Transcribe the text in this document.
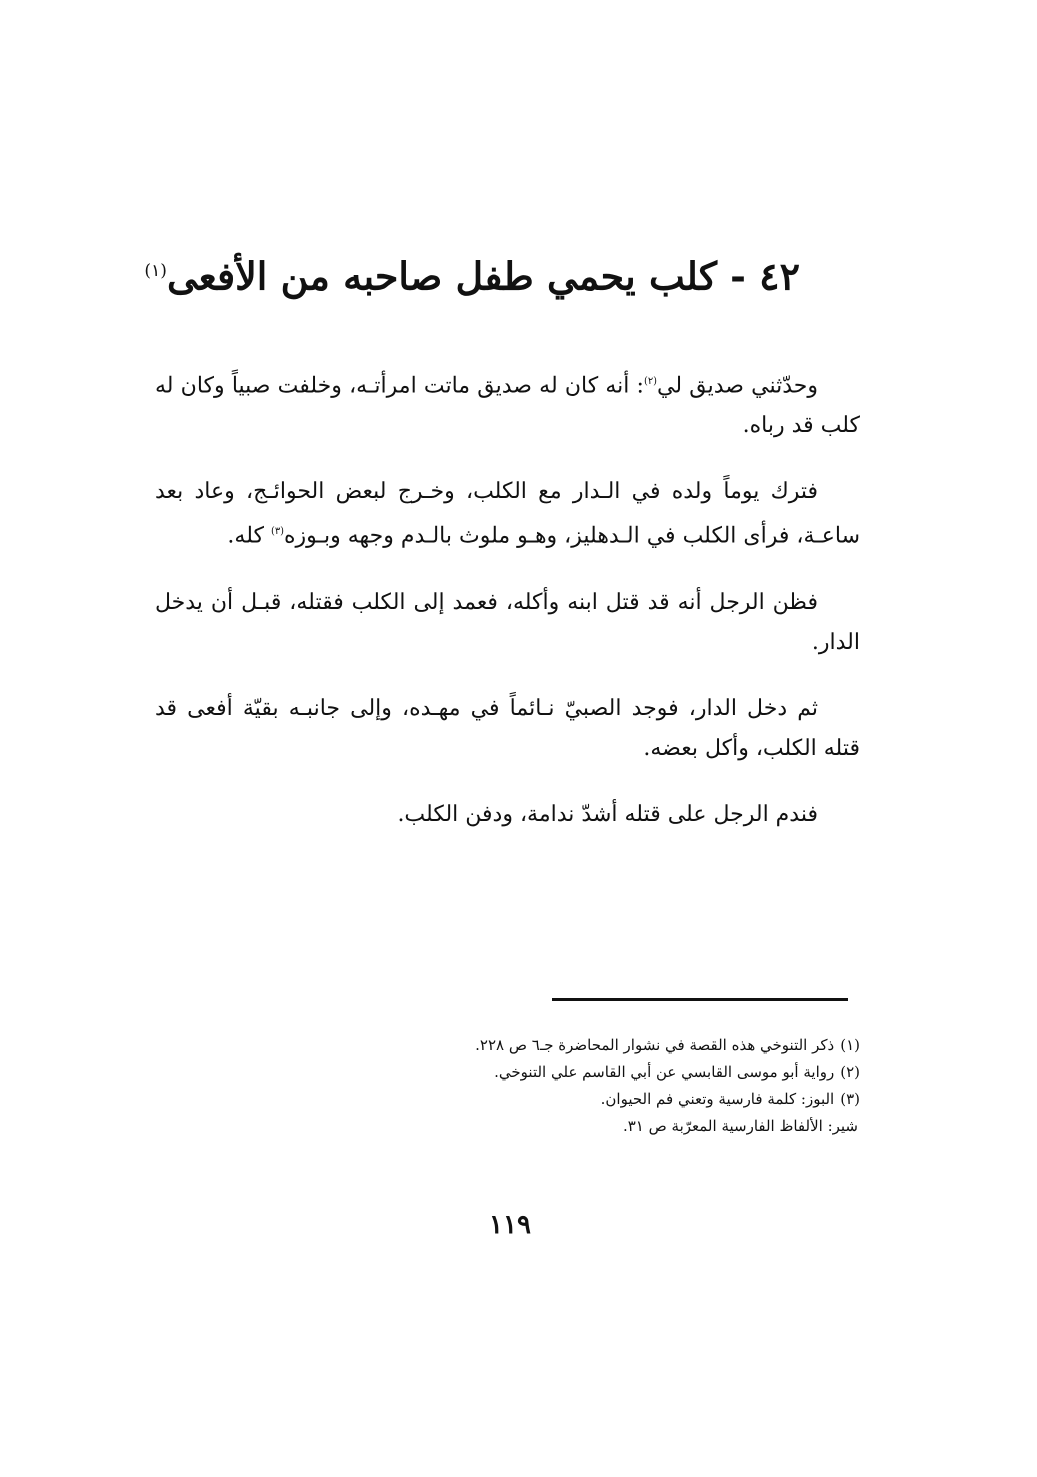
٤٢ - كلب يحمي طفل صاحبه من الأفعى$^{(١)}$

وحدّثني صديق لي$^{(٢)}$: أنه كان له صديق ماتت امرأتـه، وخلفت صبياً وكان له كلب قد رباه.

فترك يوماً ولده في الـدار مع الكلب، وخـرج لبعض الحوائـج، وعاد بعد ساعـة، فرأى الكلب في الـدهليز، وهـو ملوث بالـدم وجهه وبـوزه$^{(٣)}$ كله.

فظن الرجل أنه قد قتل ابنه وأكله، فعمد إلى الكلب فقتله، قبـل أن يدخل الدار.

ثم دخل الدار، فوجد الصبيّ نـائماً في مهـده، وإلى جانبـه بقيّة أفعى قد قتله الكلب، وأكل بعضه.

فندم الرجل على قتله أشدّ ندامة، ودفن الكلب.

(١)ذكر التنوخي هذه القصة في نشوار المحاضرة جـ٦ ص ٢٢٨.
(٢)رواية أبو موسى القابسي عن أبي القاسم علي التنوخي.
(٣)البوز: كلمة فارسية وتعني فم الحيوان.
شير: الألفاظ الفارسية المعرّبة ص ٣١.
١١٩
